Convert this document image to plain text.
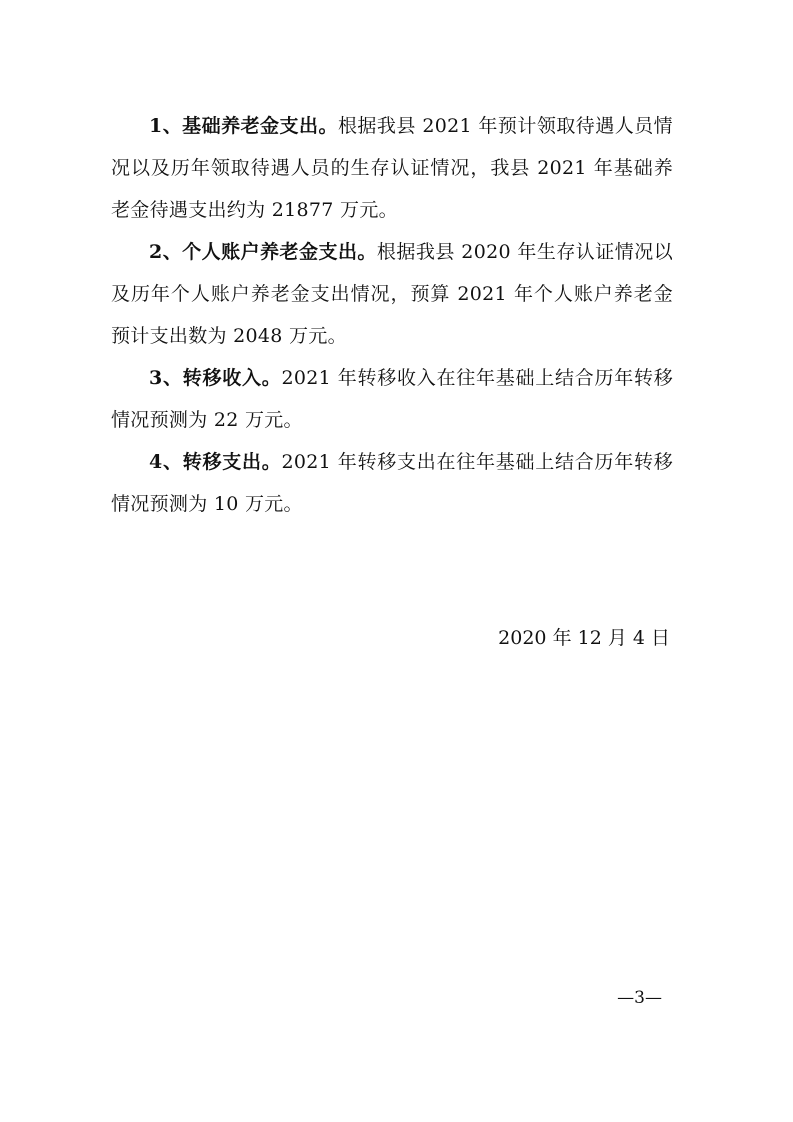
1、基础养老金支出。根据我县 2021 年预计领取待遇人员情况以及历年领取待遇人员的生存认证情况，我县 2021 年基础养老金待遇支出约为 21877 万元。

2、个人账户养老金支出。根据我县 2020 年生存认证情况以及历年个人账户养老金支出情况，预算 2021 年个人账户养老金预计支出数为 2048 万元。

3、转移收入。2021 年转移收入在往年基础上结合历年转移情况预测为 22 万元。

4、转移支出。2021 年转移支出在往年基础上结合历年转移情况预测为 10 万元。

2020 年 12 月 4 日
—3—
